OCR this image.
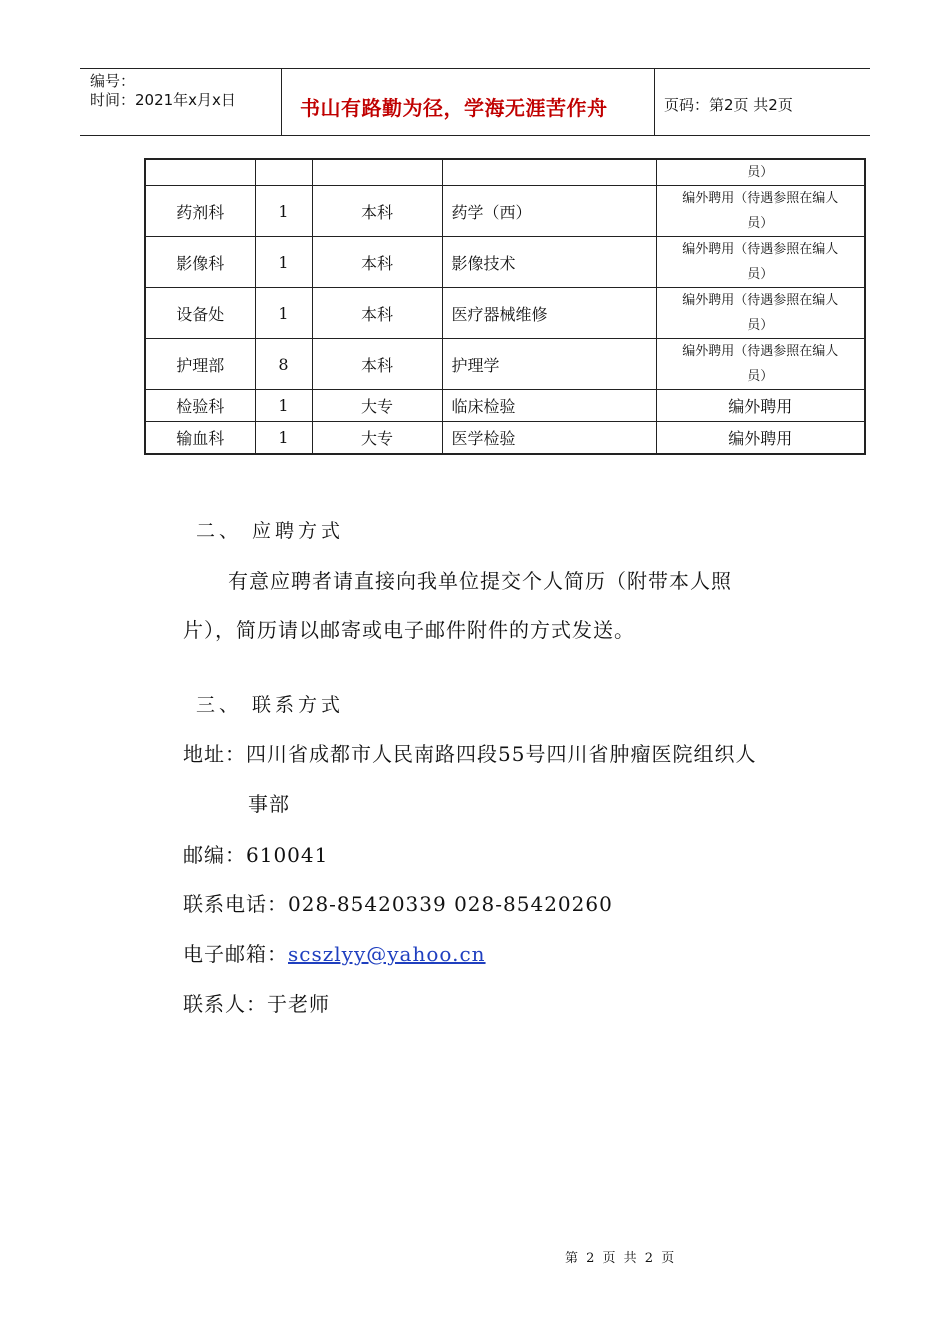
编号：
时间：2021年x月x日	书山有路勤为径，学海无涯苦作舟	页码：第2页 共2页
				员）
药剂科	1	本科	药学（西）	编外聘用（待遇参照在编人
员）

影像科	1	本科	影像技术	编外聘用（待遇参照在编人
员）

设备处	1	本科	医疗器械维修	编外聘用（待遇参照在编人
员）

护理部	8	本科	护理学	编外聘用（待遇参照在编人
员）

检验科	1	大专	临床检验	编外聘用
输血科	1	大专	医学检验	编外聘用
二、 应聘方式
有意应聘者请直接向我单位提交个人简历（附带本人照
片），简历请以邮寄或电子邮件附件的方式发送。
三、 联系方式
地址：四川省成都市人民南路四段55号四川省肿瘤医院组织人
事部
邮编：610041
联系电话：028-85420339 028-85420260
电子邮箱：scszlyy@yahoo.cn
联系人：于老师
第 2 页 共 2 页
